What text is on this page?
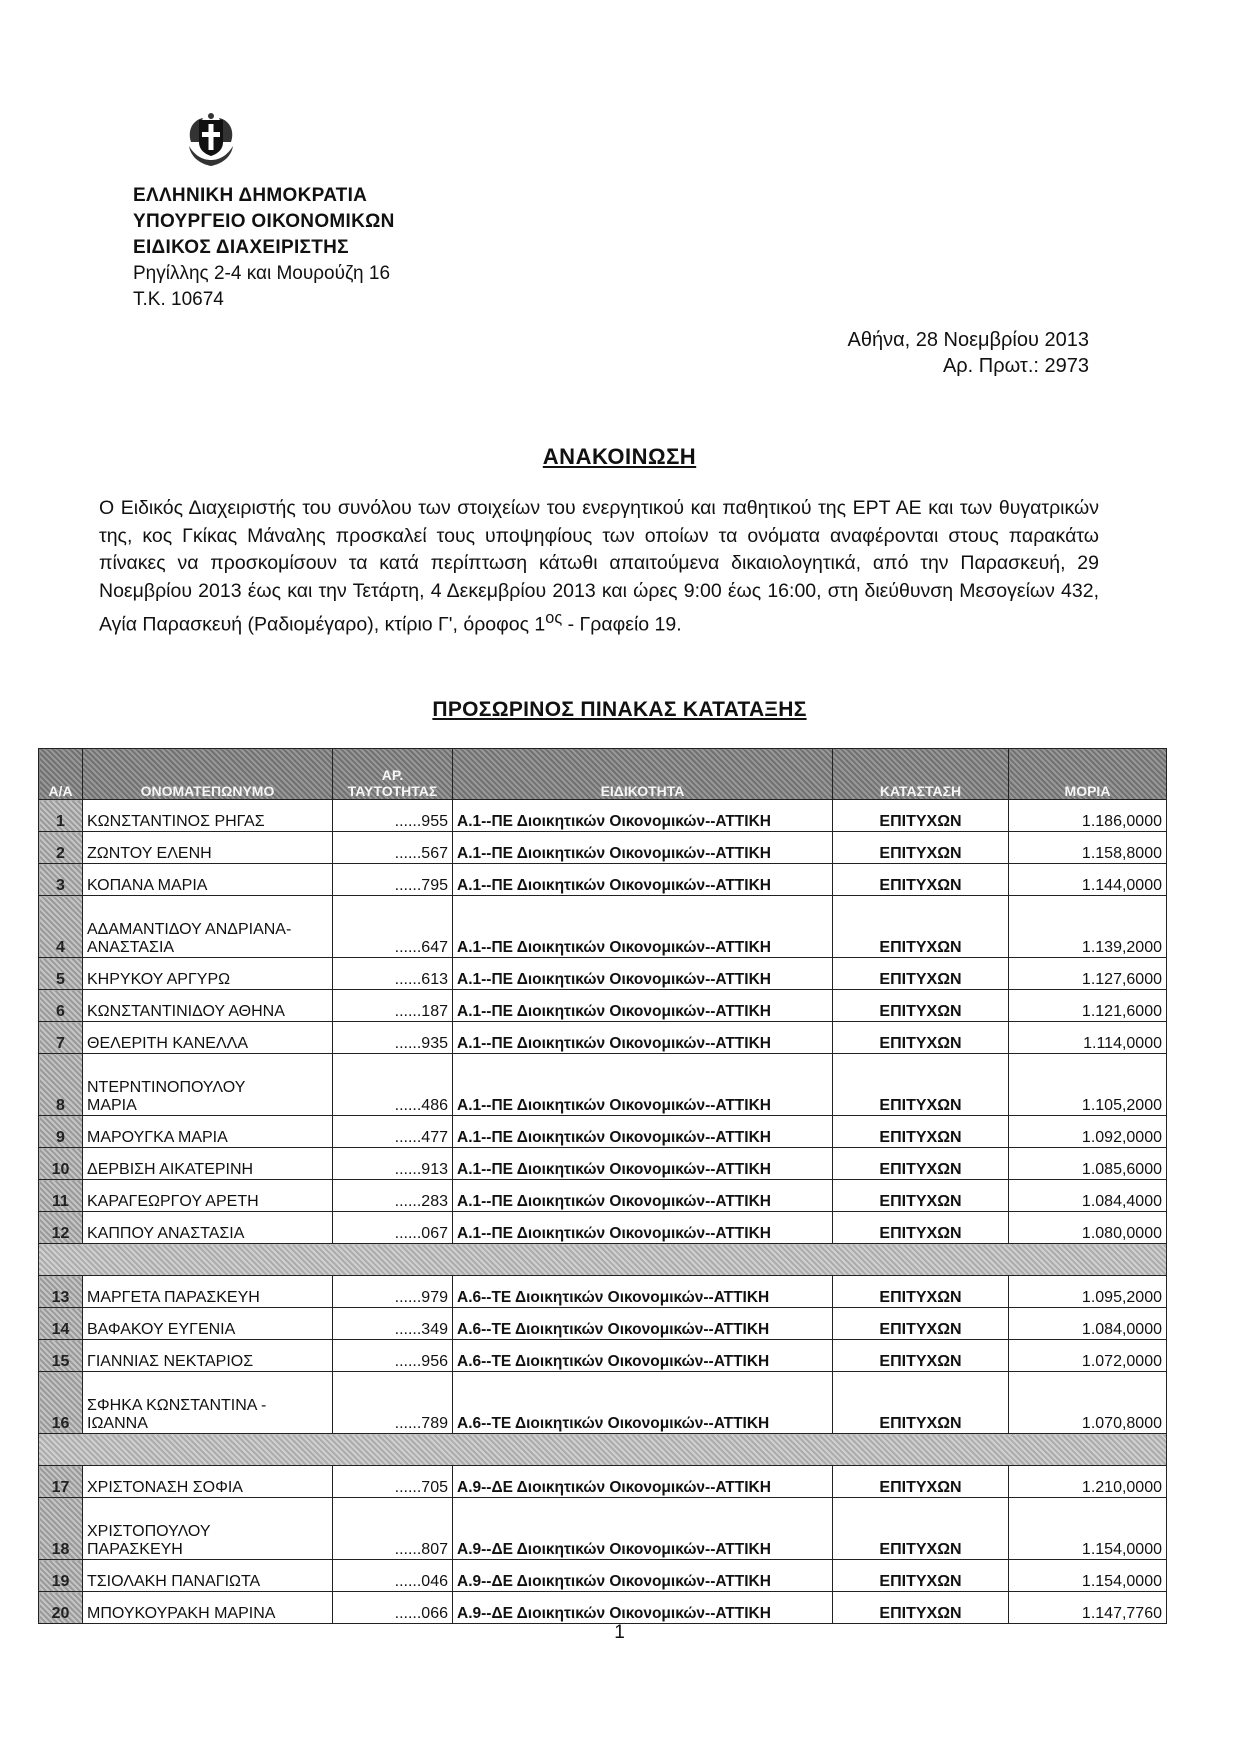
ΕΛΛΗΝΙΚΗ ΔΗΜΟΚΡΑΤΙΑ
ΥΠΟΥΡΓΕΙΟ ΟΙΚΟΝΟΜΙΚΩΝ
ΕΙΔΙΚΟΣ ΔΙΑΧΕΙΡΙΣΤΗΣ
Ρηγίλλης 2-4 και Μουρούζη 16
Τ.Κ. 10674
Αθήνα, 28 Νοεμβρίου 2013
Αρ. Πρωτ.: 2973
ΑΝΑΚΟΙΝΩΣΗ
Ο Ειδικός Διαχειριστής του συνόλου των στοιχείων του ενεργητικού και παθητικού της ΕΡΤ ΑΕ και των θυγατρικών της, κος Γκίκας Μάναλης προσκαλεί τους υποψηφίους των οποίων τα ονόματα αναφέρονται στους παρακάτω πίνακες να προσκομίσουν τα κατά περίπτωση κάτωθι απαιτούμενα δικαιολογητικά, από την Παρασκευή, 29 Νοεμβρίου 2013 έως και την Τετάρτη, 4 Δεκεμβρίου 2013 και ώρες 9:00 έως 16:00, στη διεύθυνση Μεσογείων 432, Αγία Παρασκευή (Ραδιομέγαρο), κτίριο Γ', όροφος $1^{o\varsigma}$ - Γραφείο 19.
ΠΡΟΣΩΡΙΝΟΣ ΠΙΝΑΚΑΣ ΚΑΤΑΤΑΞΗΣ
Α/Α	ΟΝΟΜΑΤΕΠΩΝΥΜΟ	ΑΡ.
ΤΑΥΤΟΤΗΤΑΣ	ΕΙΔΙΚΟΤΗΤΑ	ΚΑΤΑΣΤΑΣΗ	ΜΟΡΙΑ
1	ΚΩΝΣΤΑΝΤΙΝΟΣ ΡΗΓΑΣ	......955	Α.1--ΠΕ Διοικητικών Οικονομικών--ΑΤΤΙΚΗ	ΕΠΙΤΥΧΩΝ	1.186,0000
2	ΖΩΝΤΟΥ ΕΛΕΝΗ	......567	Α.1--ΠΕ Διοικητικών Οικονομικών--ΑΤΤΙΚΗ	ΕΠΙΤΥΧΩΝ	1.158,8000
3	ΚΟΠΑΝΑ ΜΑΡΙΑ	......795	Α.1--ΠΕ Διοικητικών Οικονομικών--ΑΤΤΙΚΗ	ΕΠΙΤΥΧΩΝ	1.144,0000
4	ΑΔΑΜΑΝΤΙΔΟΥ ΑΝΔΡΙΑΝΑ-
ΑΝΑΣΤΑΣΙΑ	......647	Α.1--ΠΕ Διοικητικών Οικονομικών--ΑΤΤΙΚΗ	ΕΠΙΤΥΧΩΝ	1.139,2000
5	ΚΗΡΥΚΟΥ ΑΡΓΥΡΩ	......613	Α.1--ΠΕ Διοικητικών Οικονομικών--ΑΤΤΙΚΗ	ΕΠΙΤΥΧΩΝ	1.127,6000
6	ΚΩΝΣΤΑΝΤΙΝΙΔΟΥ ΑΘΗΝΑ	......187	Α.1--ΠΕ Διοικητικών Οικονομικών--ΑΤΤΙΚΗ	ΕΠΙΤΥΧΩΝ	1.121,6000
7	ΘΕΛΕΡΙΤΗ ΚΑΝΕΛΛΑ	......935	Α.1--ΠΕ Διοικητικών Οικονομικών--ΑΤΤΙΚΗ	ΕΠΙΤΥΧΩΝ	1.114,0000
8	ΝΤΕΡΝΤΙΝΟΠΟΥΛΟΥ
ΜΑΡΙΑ	......486	Α.1--ΠΕ Διοικητικών Οικονομικών--ΑΤΤΙΚΗ	ΕΠΙΤΥΧΩΝ	1.105,2000
9	ΜΑΡΟΥΓΚΑ ΜΑΡΙΑ	......477	Α.1--ΠΕ Διοικητικών Οικονομικών--ΑΤΤΙΚΗ	ΕΠΙΤΥΧΩΝ	1.092,0000
10	ΔΕΡΒΙΣΗ ΑΙΚΑΤΕΡΙΝΗ	......913	Α.1--ΠΕ Διοικητικών Οικονομικών--ΑΤΤΙΚΗ	ΕΠΙΤΥΧΩΝ	1.085,6000
11	ΚΑΡΑΓΕΩΡΓΟΥ ΑΡΕΤΗ	......283	Α.1--ΠΕ Διοικητικών Οικονομικών--ΑΤΤΙΚΗ	ΕΠΙΤΥΧΩΝ	1.084,4000
12	ΚΑΠΠΟΥ ΑΝΑΣΤΑΣΙΑ	......067	Α.1--ΠΕ Διοικητικών Οικονομικών--ΑΤΤΙΚΗ	ΕΠΙΤΥΧΩΝ	1.080,0000

13	ΜΑΡΓΕΤΑ ΠΑΡΑΣΚΕΥΗ	......979	Α.6--ΤΕ Διοικητικών Οικονομικών--ΑΤΤΙΚΗ	ΕΠΙΤΥΧΩΝ	1.095,2000
14	ΒΑΦΑΚΟΥ ΕΥΓΕΝΙΑ	......349	Α.6--ΤΕ Διοικητικών Οικονομικών--ΑΤΤΙΚΗ	ΕΠΙΤΥΧΩΝ	1.084,0000
15	ΓΙΑΝΝΙΑΣ ΝΕΚΤΑΡΙΟΣ	......956	Α.6--ΤΕ Διοικητικών Οικονομικών--ΑΤΤΙΚΗ	ΕΠΙΤΥΧΩΝ	1.072,0000
16	ΣΦΗΚΑ ΚΩΝΣΤΑΝΤΙΝΑ -
ΙΩΑΝΝΑ	......789	Α.6--ΤΕ Διοικητικών Οικονομικών--ΑΤΤΙΚΗ	ΕΠΙΤΥΧΩΝ	1.070,8000

17	ΧΡΙΣΤΟΝΑΣΗ ΣΟΦΙΑ	......705	Α.9--ΔΕ Διοικητικών Οικονομικών--ΑΤΤΙΚΗ	ΕΠΙΤΥΧΩΝ	1.210,0000
18	ΧΡΙΣΤΟΠΟΥΛΟΥ
ΠΑΡΑΣΚΕΥΗ	......807	Α.9--ΔΕ Διοικητικών Οικονομικών--ΑΤΤΙΚΗ	ΕΠΙΤΥΧΩΝ	1.154,0000
19	ΤΣΙΟΛΑΚΗ ΠΑΝΑΓΙΩΤΑ	......046	Α.9--ΔΕ Διοικητικών Οικονομικών--ΑΤΤΙΚΗ	ΕΠΙΤΥΧΩΝ	1.154,0000
20	ΜΠΟΥΚΟΥΡΑΚΗ ΜΑΡΙΝΑ	......066	Α.9--ΔΕ Διοικητικών Οικονομικών--ΑΤΤΙΚΗ	ΕΠΙΤΥΧΩΝ	1.147,7760
1
